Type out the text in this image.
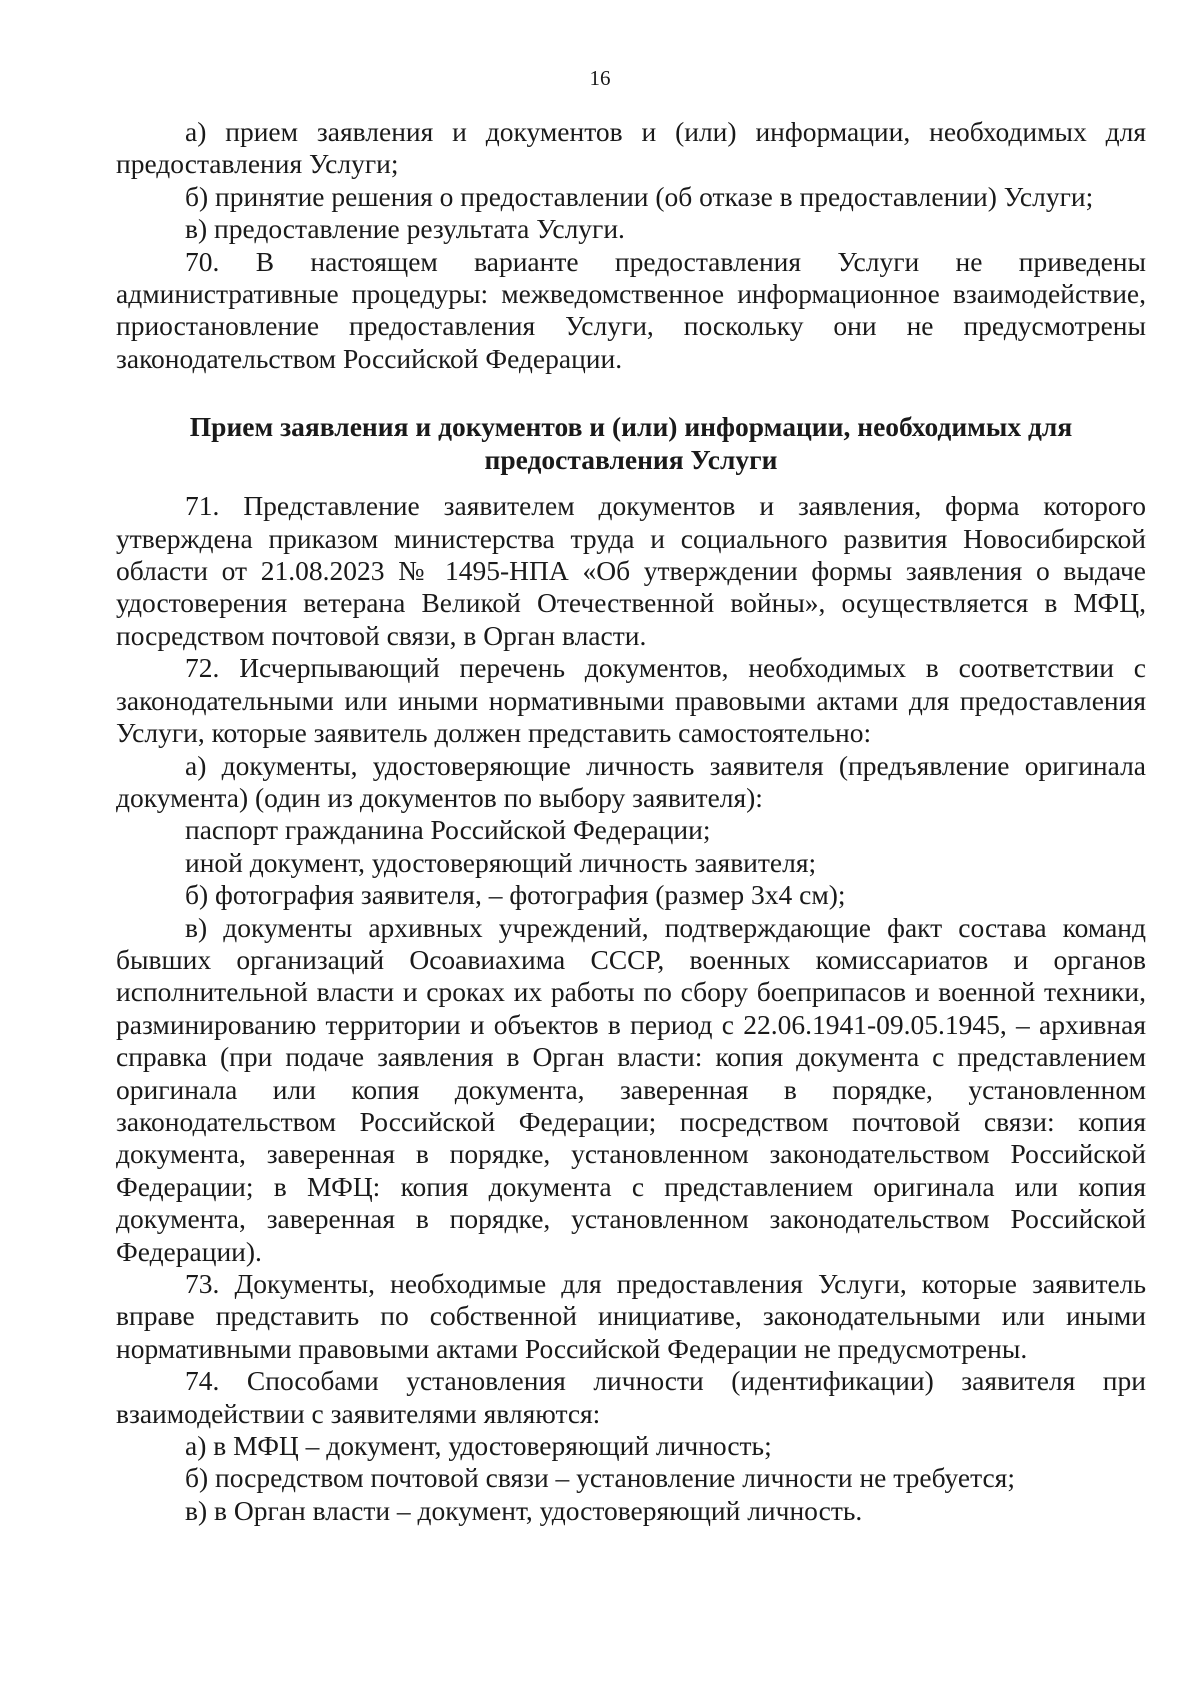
16

а) прием заявления и документов и (или) информации, необходимых для предоставления Услуги;

б) принятие решения о предоставлении (об отказе в предоставлении) Услуги;

в) предоставление результата Услуги.

70. В настоящем варианте предоставления Услуги не приведены административные процедуры: межведомственное информационное взаимодействие, приостановление предоставления Услуги, поскольку они не предусмотрены законодательством Российской Федерации.

Прием заявления и документов и (или) информации, необходимых для
предоставления Услуги

71. Представление заявителем документов и заявления, форма которого утверждена приказом министерства труда и социального развития Новосибирской области от 21.08.2023 № 1495-НПА «Об утверждении формы заявления о выдаче удостоверения ветерана Великой Отечественной войны», осуществляется в МФЦ, посредством почтовой связи, в Орган власти.

72. Исчерпывающий перечень документов, необходимых в соответствии с законодательными или иными нормативными правовыми актами для предоставления Услуги, которые заявитель должен представить самостоятельно:

а) документы, удостоверяющие личность заявителя (предъявление оригинала документа) (один из документов по выбору заявителя):

паспорт гражданина Российской Федерации;

иной документ, удостоверяющий личность заявителя;

б) фотография заявителя, – фотография (размер 3х4 см);

в) документы архивных учреждений, подтверждающие факт состава команд бывших организаций Осоавиахима СССР, военных комиссариатов и органов исполнительной власти и сроках их работы по сбору боеприпасов и военной техники, разминированию территории и объектов в период с 22.06.1941-09.05.1945, – архивная справка (при подаче заявления в Орган власти: копия документа с представлением оригинала или копия документа, заверенная в порядке, установленном законодательством Российской Федерации; посредством почтовой связи: копия документа, заверенная в порядке, установленном законодательством Российской Федерации; в МФЦ: копия документа с представлением оригинала или копия документа, заверенная в порядке, установленном законодательством Российской Федерации).

73. Документы, необходимые для предоставления Услуги, которые заявитель вправе представить по собственной инициативе, законодательными или иными нормативными правовыми актами Российской Федерации не предусмотрены.

74. Способами установления личности (идентификации) заявителя при взаимодействии с заявителями являются:

а) в МФЦ – документ, удостоверяющий личность;

б) посредством почтовой связи – установление личности не требуется;

в) в Орган власти – документ, удостоверяющий личность.
